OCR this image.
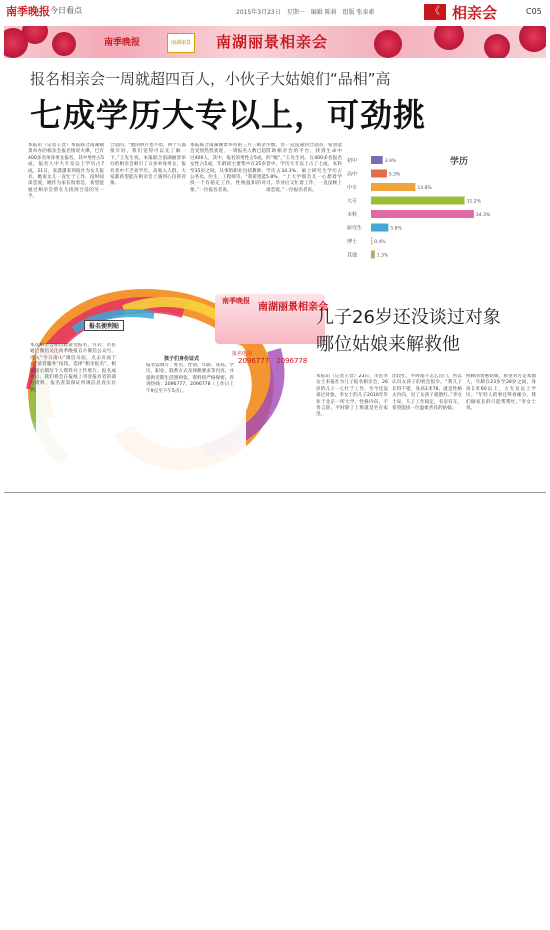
南季晚报 今日看点	2015年3月23日　星期一　编辑 陈莉　组版 张泰素	《 相亲会	C05
南季晚报	南湖丽景 南湖丽景相亲会
报名相亲会一周就超四百人，小伙子大姑娘们“品相”高
七成学历大专以上，可劲挑
本报讯（记者王萱）本报联合南湖丽景举办的相亲会报名情况火爆，已有400多名单身男女报名，其中男性占5成，报名人中大专及以上学历占7成。21日，张潇潇来到报社为女儿报名，她说女儿一直忙于工作，没时间谈恋爱，她作为家长很着急，希望能通过相亲会帮女儿找到合适的另一半。
合适的。“他的照片也不错，两个人都很年轻，我们觉得可以先了解一下。”王先生说。本报联合南湖丽景举办的相亲会吸引了众多单身男女，报名者中不乏高学历、高收入人群，大家都希望能在相亲会上遇到心仪的对象。
本报联合南湖丽景举办的三月三相亲会受到热烈欢迎，一周报名人数已超过400人，其中，报名的男性占5成，女性占5成，年龄段主要集中在25岁至35岁之间，从事的职业包括教师、公务员、医生、工程师等，“我希望能找一个有稳定工作、性格温和的对象。”一位报名者说。
少数，但一直没遇到合适的，希望能借助相亲会的平台，找到生命中的“她”。”王先生说。在400多名报名者中，学历大专以上占了七成，本科学历占34.3%，硕士研究生学历占5.8%，“上大学那会儿一心想着学习，毕业后又忙着工作，一直没顾上谈恋爱。”一位报名者说。
初中	3.9%
高中	5.3%
中专	14.8%
大专	31.2%
本科	34.3%
研究生	5.8%
博士	0.4%
其他	1.3%
学历
报名便利贴
南季晚报
南湖丽景相亲会
报名电话
2096777　2096778
儿子26岁还没谈过对象
哪位姑娘来解救他
本次相亲会即日起接受报名，方式：市民通过微信关注南季晚报官方微信公众号，进入“今日南山”微信页面，点击页面下方“读者服务”按钮，选择“相亲报名”，根据提示填写个人资料并上传照片。报名成功后，我们将会在报纸上刊登报名者的部分资料，报名者需保证所填信息真实有效。
孩子们身份证式
报名需填写：姓名、性别、年龄、身高、学历、职业、联系方式及择偶要求等内容，并提供近期生活照两张，资料将严格保密。咨询热线：2096777、2096778（工作日上午9点至下午5点）。
本报讯（记者王萱）23日，市民李女士来报社为儿子报名相亲会，26岁的儿子一心忙于工作，至今还没谈过对象。李女士的儿子2010年毕业于北京一所大学，性格内向，不善言辞，平时除了上班就是宅在家里。
比较忙，平时都不怎么出门，所以认识女孩子的机会很少。“我儿子长得不错，身高1米78，就是性格太内向，见了女孩子就脸红。”李女士说，儿子工作稳定，有房有车，希望能找一位温柔善良的姑娘。
照顾的贤惠姑娘，希望对方是本地人，年龄在23岁至28岁之间，身高1米60以上，大专及以上学历。“年轻人的事还得看缘分，我们做家长的只能帮帮忙。”李女士说。
